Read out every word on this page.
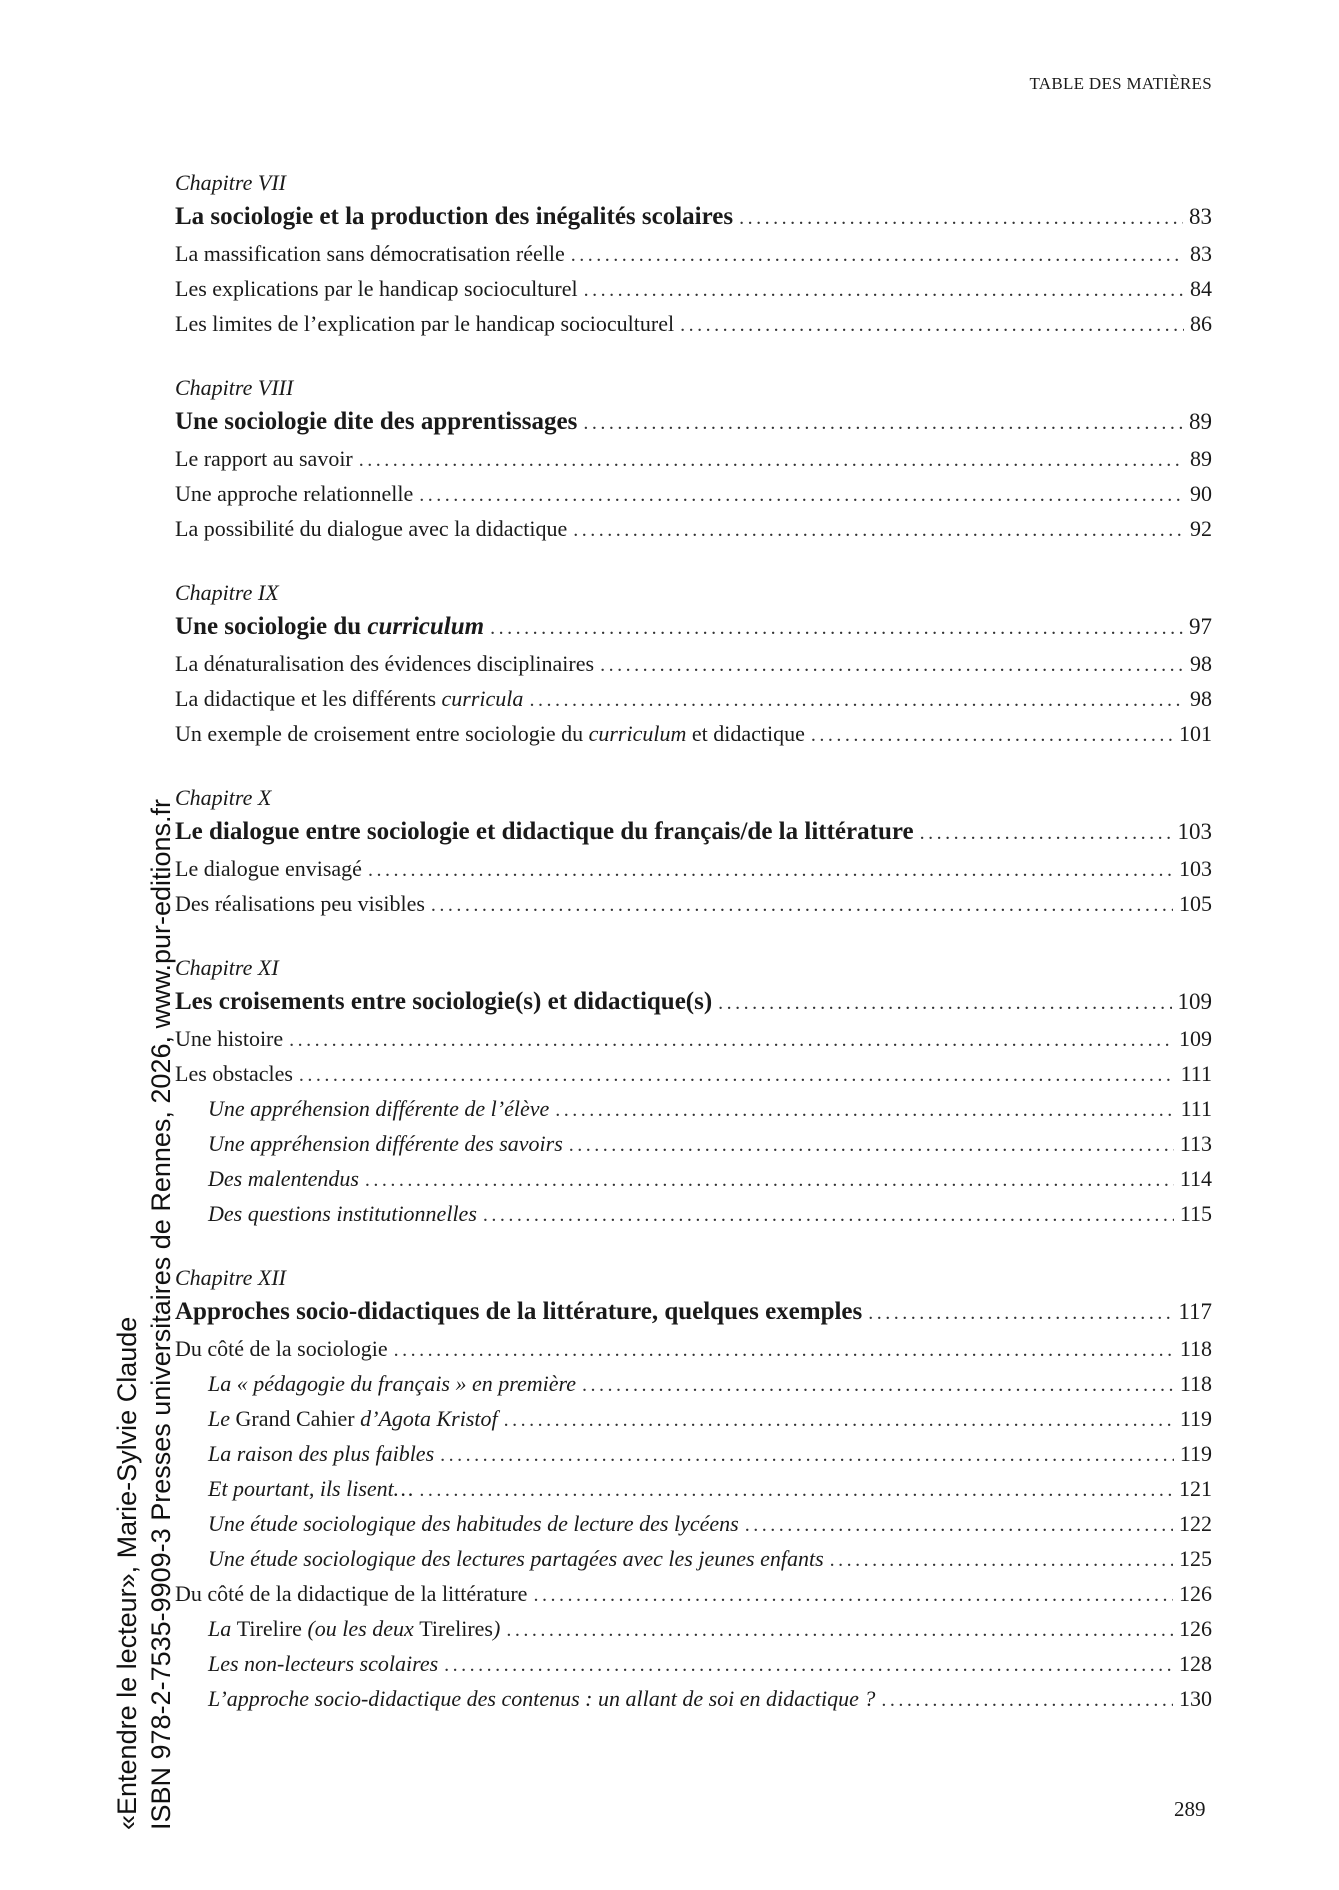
TABLE DES MATIÈRES
Chapitre VII
La sociologie et la production des inégalités scolaires .....	83
La massification sans démocratisation réelle .....	83
Les explications par le handicap socioculturel .....	84
Les limites de l’explication par le handicap socioculturel .....	86
Chapitre VIII
Une sociologie dite des apprentissages .....	89
Le rapport au savoir .....	89
Une approche relationnelle .....	90
La possibilité du dialogue avec la didactique .....	92
Chapitre IX
Une sociologie du curriculum .....	97
La dénaturalisation des évidences disciplinaires .....	98
La didactique et les différents curricula .....	98
Un exemple de croisement entre sociologie du curriculum et didactique .....	101
Chapitre X
Le dialogue entre sociologie et didactique du français/de la littérature .....	103
Le dialogue envisagé .....	103
Des réalisations peu visibles .....	105
Chapitre XI
Les croisements entre sociologie(s) et didactique(s) .....	109
Une histoire .....	109
Les obstacles .....	111
Une appréhension différente de l’élève .....	111
Une appréhension différente des savoirs .....	113
Des malentendus .....	114
Des questions institutionnelles .....	115
Chapitre XII
Approches socio-didactiques de la littérature, quelques exemples .....	117
Du côté de la sociologie .....	118
La « pédagogie du français » en première .....	118
Le Grand Cahier d’Agota Kristof .....	119
La raison des plus faibles .....	119
Et pourtant, ils lisent… .....	121
Une étude sociologique des habitudes de lecture des lycéens .....	122
Une étude sociologique des lectures partagées avec les jeunes enfants .....	125
Du côté de la didactique de la littérature .....	126
La Tirelire (ou les deux Tirelires) .....	126
Les non-lecteurs scolaires .....	128
L’approche socio-didactique des contenus : un allant de soi en didactique ? .....	130
289
«Entendre le lecteur», Marie-Sylvie Claude ISBN 978-2-7535-9909-3 Presses universitaires de Rennes, 2026, www.pur-editions.fr
